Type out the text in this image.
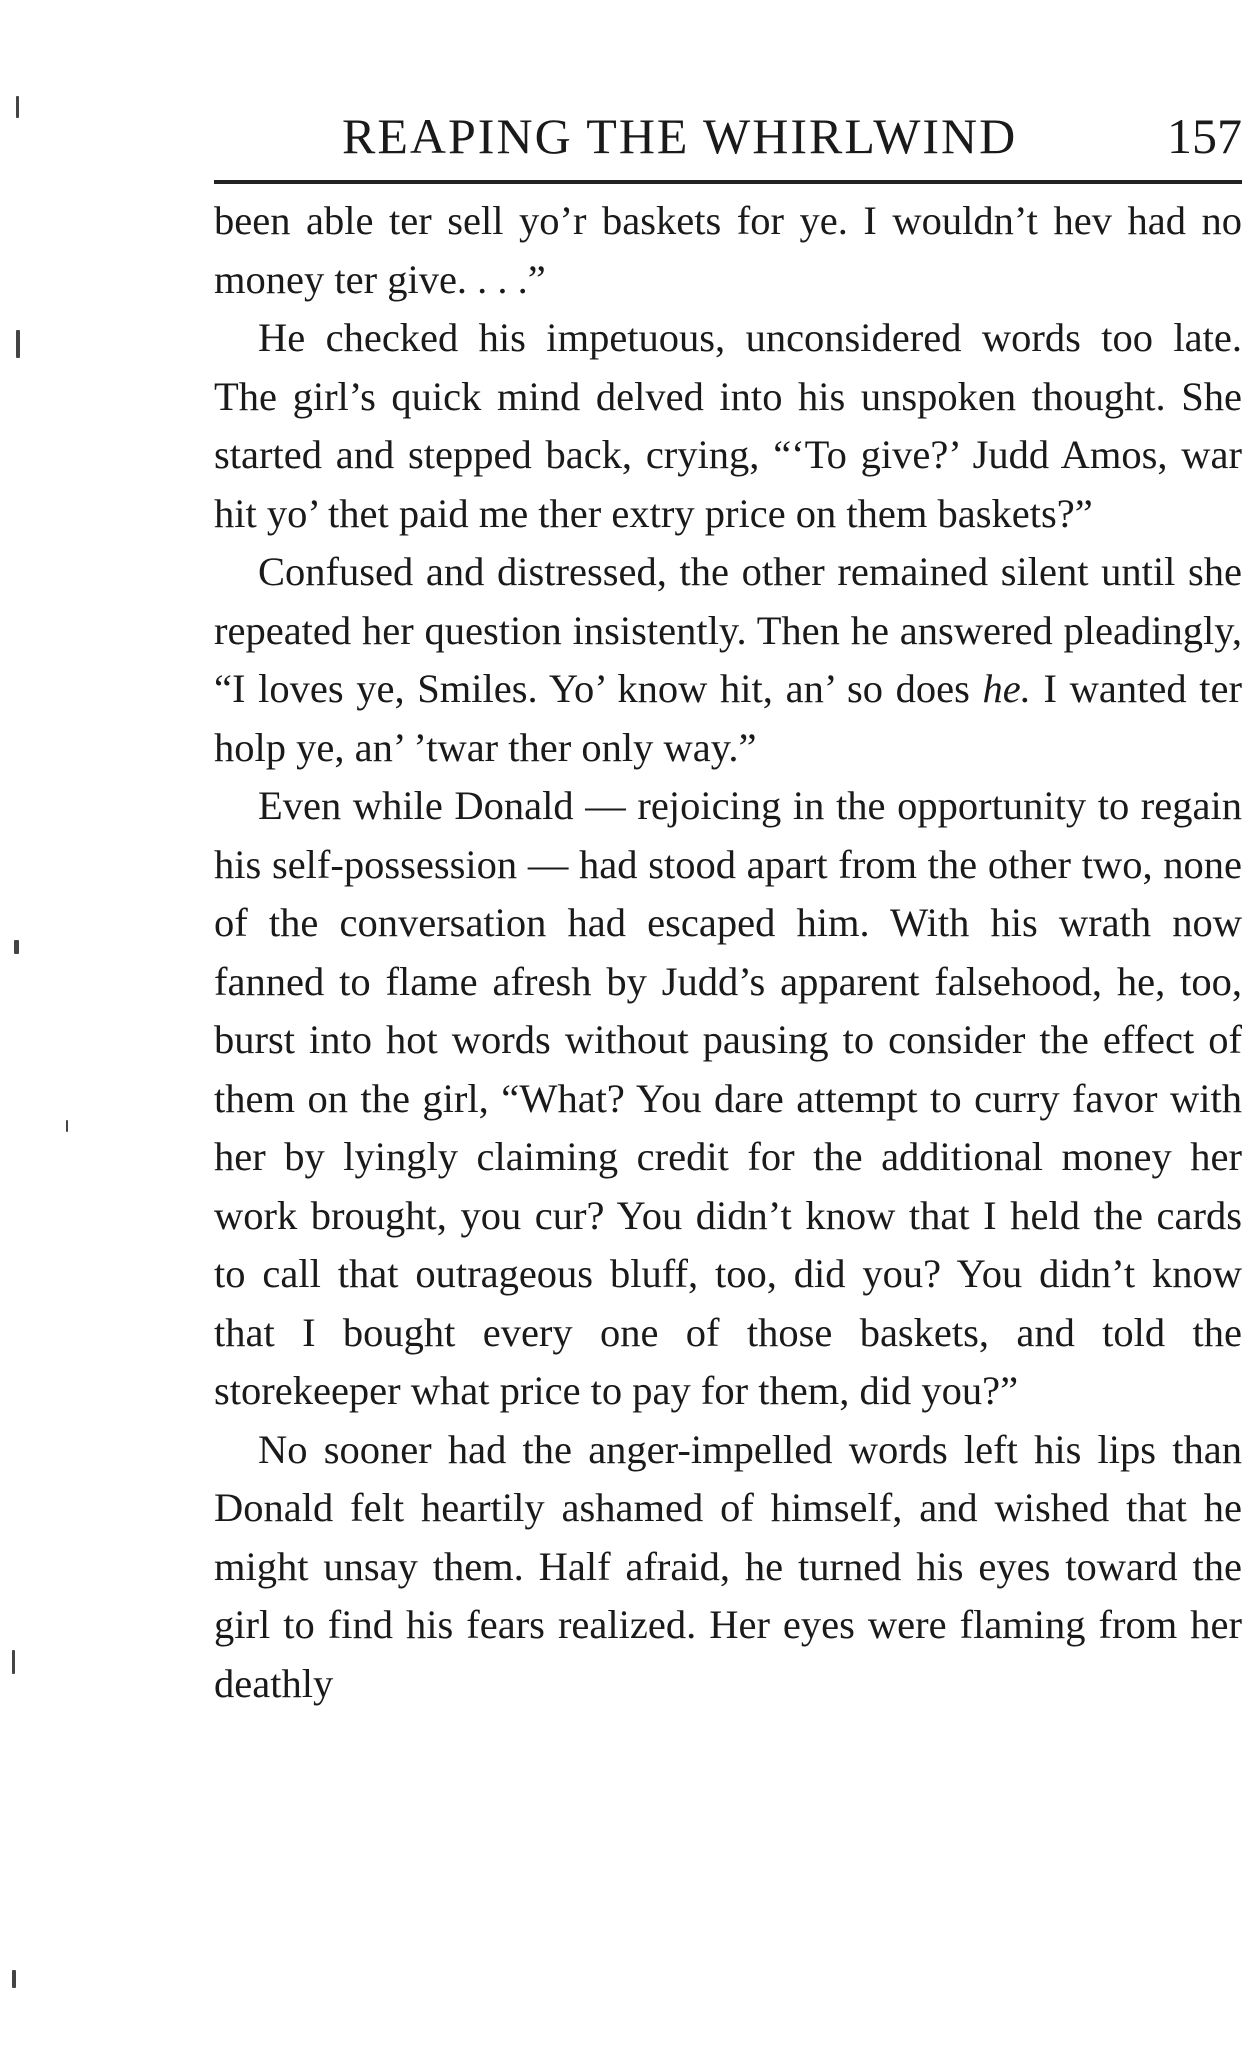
REAPING THE WHIRLWIND	157

been able ter sell yo’r baskets for ye. I wouldn’t hev had no money ter give. . . .”

He checked his impetuous, unconsidered words too late. The girl’s quick mind delved into his unspoken thought. She started and stepped back, crying, “‘To give?’ Judd Amos, war hit yo’ thet paid me ther extry price on them baskets?”

Confused and distressed, the other remained silent until she repeated her question insistently. Then he answered pleadingly, “I loves ye, Smiles. Yo’ know hit, an’ so does he. I wanted ter holp ye, an’ ’twar ther only way.”

Even while Donald — rejoicing in the opportunity to regain his self-possession — had stood apart from the other two, none of the conversation had escaped him. With his wrath now fanned to flame afresh by Judd’s apparent falsehood, he, too, burst into hot words without pausing to consider the effect of them on the girl, “What? You dare attempt to curry favor with her by lyingly claiming credit for the additional money her work brought, you cur? You didn’t know that I held the cards to call that outrageous bluff, too, did you? You didn’t know that I bought every one of those baskets, and told the storekeeper what price to pay for them, did you?”

No sooner had the anger-impelled words left his lips than Donald felt heartily ashamed of himself, and wished that he might unsay them. Half afraid, he turned his eyes toward the girl to find his fears realized. Her eyes were flaming from her deathly
